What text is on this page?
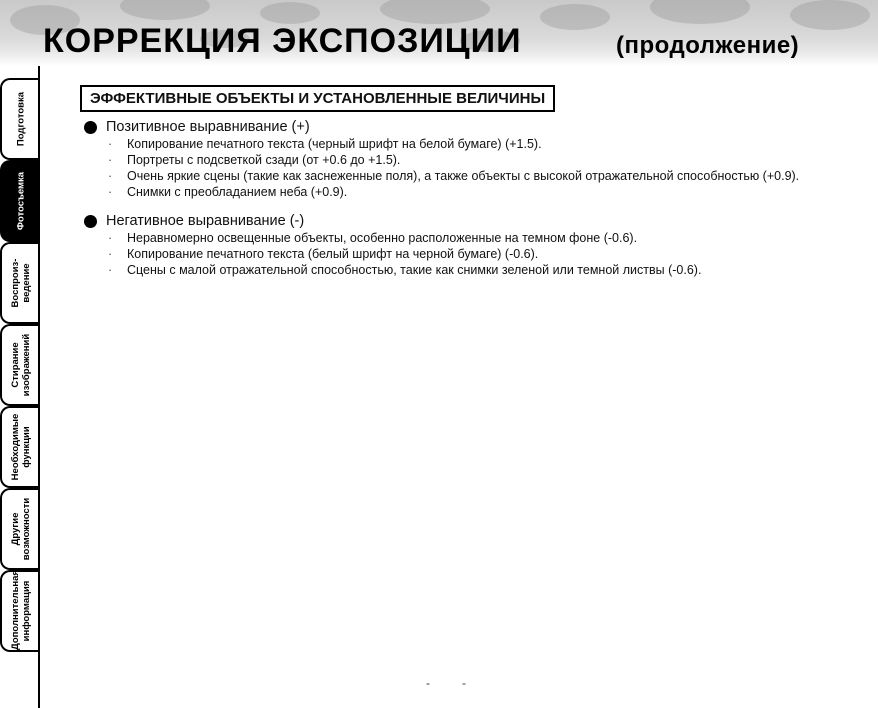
КОРРЕКЦИЯ ЭКСПОЗИЦИИ	(продолжение)
Подготовка
Фотосъемка
Воспроиз-
ведение
Стирание
изображений
Необходимые
функции
Другие
возможности
Дополнительная
информация
ЭФФЕКТИВНЫЕ ОБЪЕКТЫ И УСТАНОВЛЕННЫЕ ВЕЛИЧИНЫ
Позитивное выравнивание (+)
·	Копирование печатного текста (черный шрифт на белой бумаге) (+1.5).
·	Портреты с подсветкой сзади (от +0.6 до +1.5).
·	Очень яркие сцены (такие как заснеженные поля), а также объекты с высокой отражательной способностью (+0.9).
·	Снимки с преобладанием неба (+0.9).
Негативное выравнивание (-)
·	Неравномерно освещенные объекты, особенно расположенные на темном фоне (-0.6).
·	Копирование печатного текста (белый шрифт на черной бумаге) (-0.6).
·	Сцены с малой отражательной способностью, такие как снимки зеленой или темной листвы (-0.6).
-	-
